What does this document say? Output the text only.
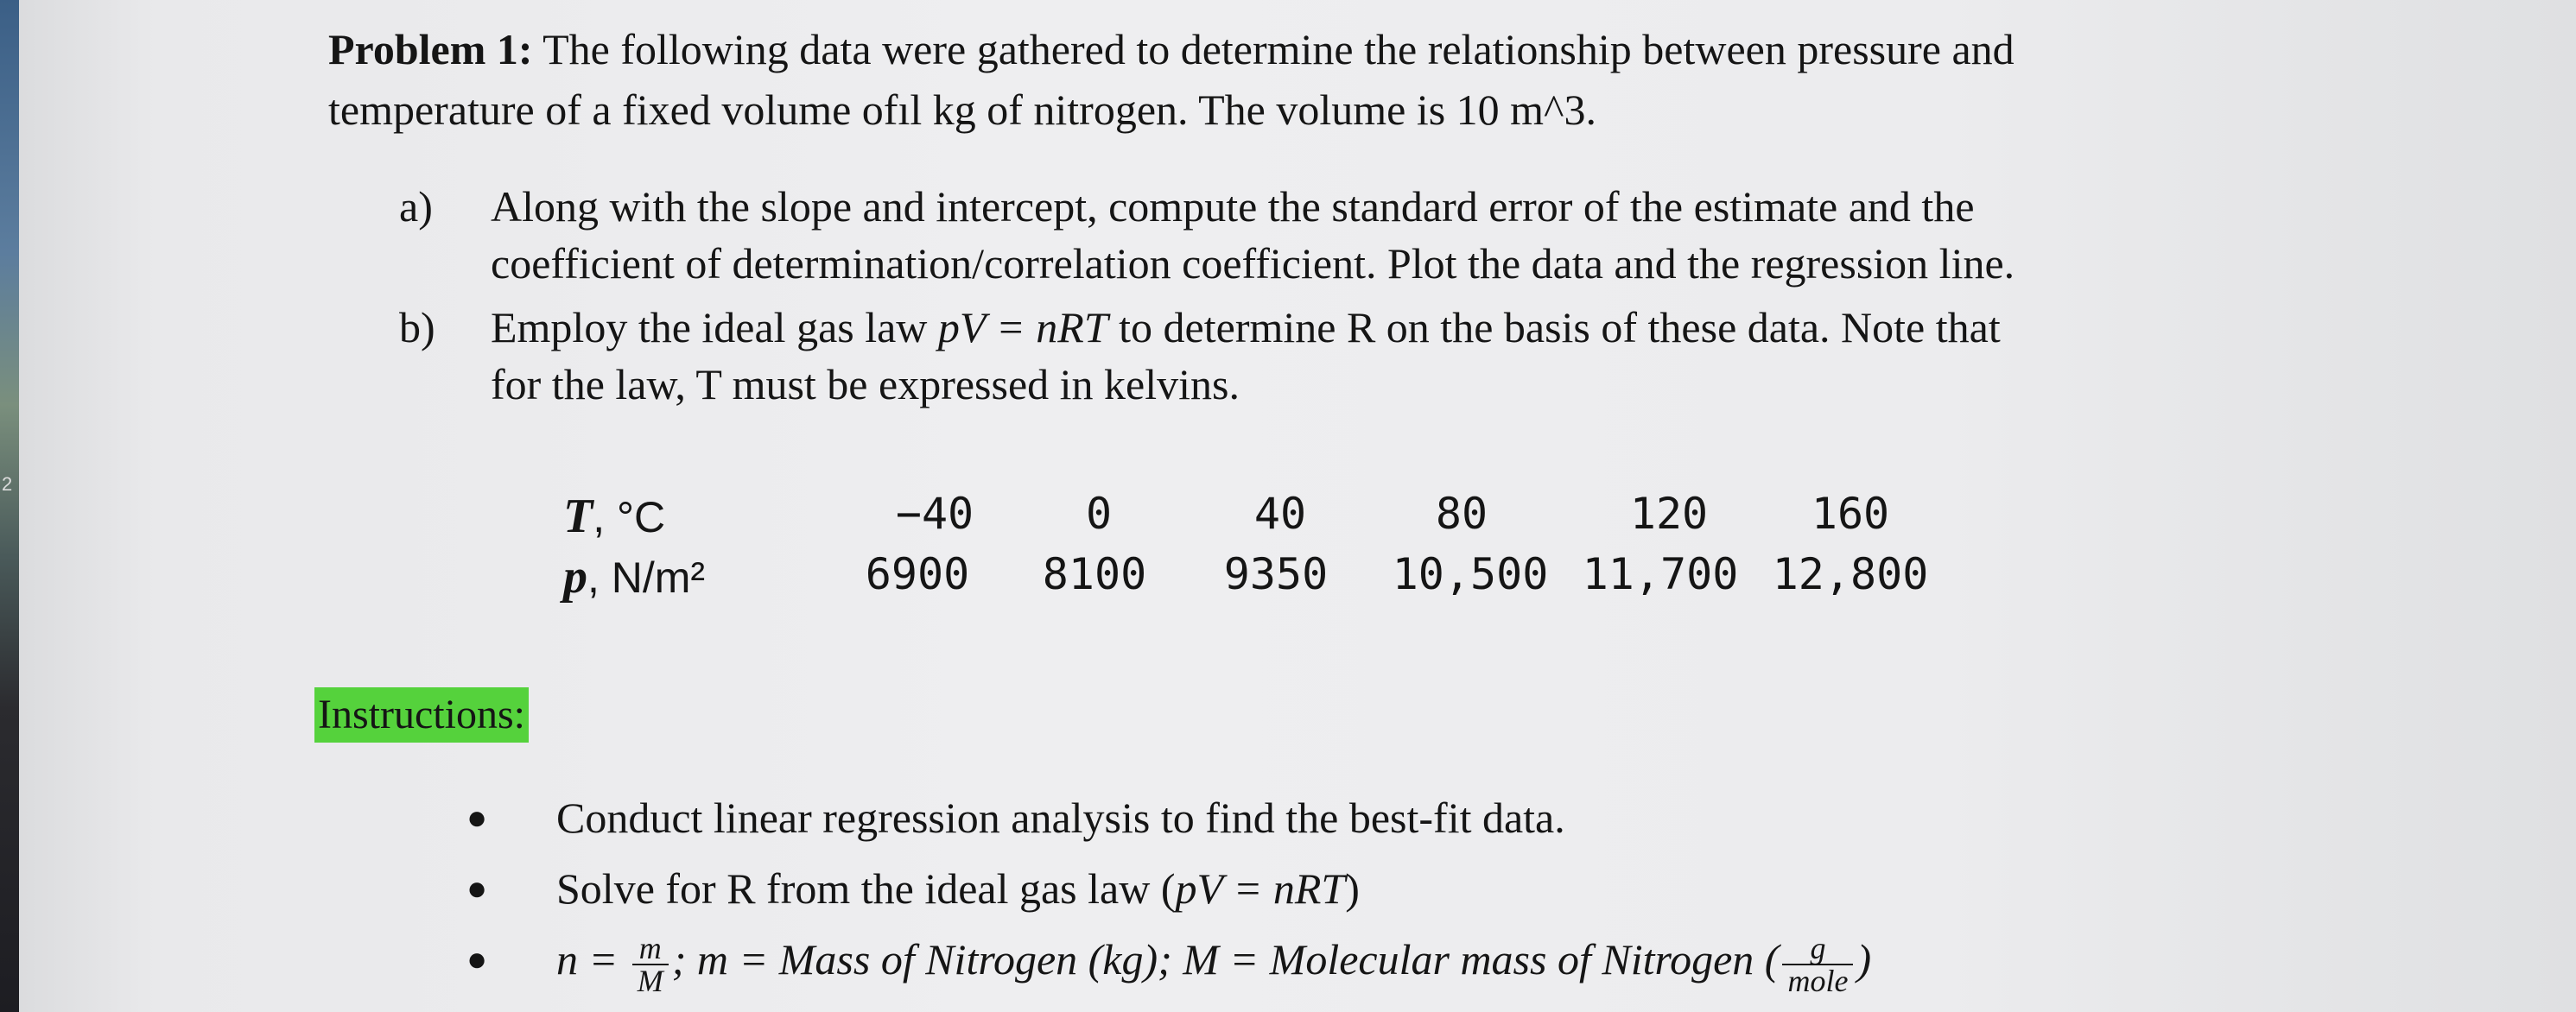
2
Problem 1: The following data were gathered to determine the relationship between pressure and
temperature of a fixed volume ofıl kg of nitrogen. The volume is 10 m^3.
a) Along with the slope and intercept, compute the standard error of the estimate and the
coefficient of determination/correlation coefficient. Plot the data and the regression line.
b) Employ the ideal gas law pV = nRT to determine R on the basis of these data. Note that
for the law, T must be expressed in kelvins.
T, °C	−40	0	40	80	120	160
p, N/m²	6900	8100	9350	10,500 11,700 12,800
Instructions:
● Conduct linear regression analysis to find the best-fit data.
● Solve for R from the ideal gas law (pV = nRT)
● $n = \frac{m}{M}$ ; m = Mass of Nitrogen (kg); M = Molecular mass of Nitrogen ( $\frac{g}{\text{mole}}$ )
